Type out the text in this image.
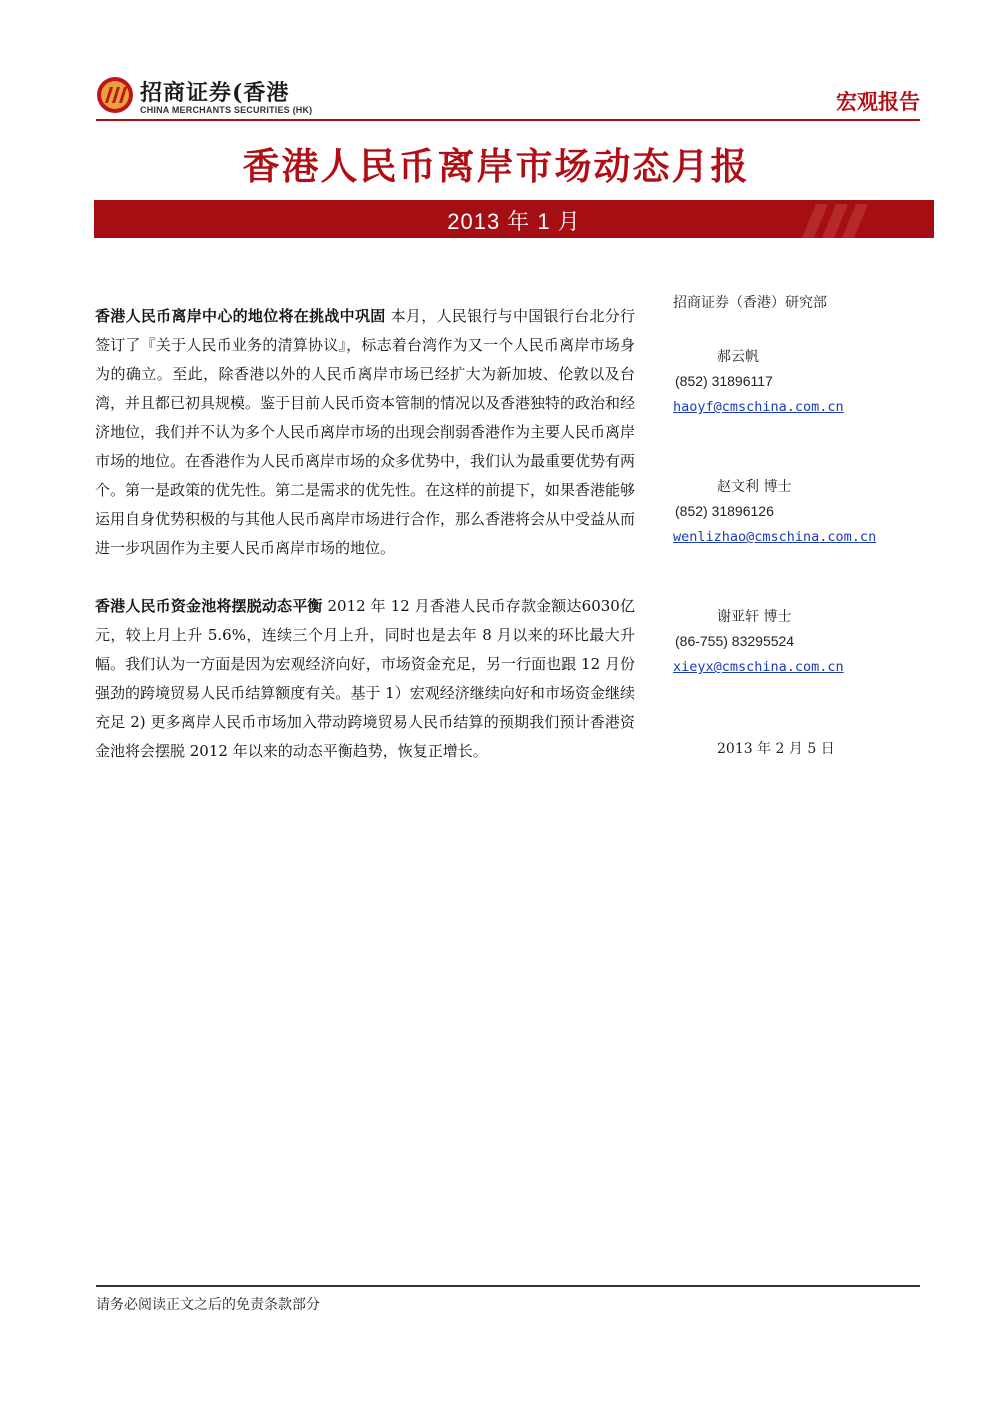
招商证券(香港
CHINA MERCHANTS SECURITIES (HK)	宏观报告
香港人民币离岸市场动态月报
2013 年 1 月

香港人民币离岸中心的地位将在挑战中巩固 本月，人民银行与中国银行台北分行签订了『关于人民币业务的清算协议』，标志着台湾作为又一个人民币离岸市场身为的确立。至此，除香港以外的人民币离岸市场已经扩大为新加坡、伦敦以及台湾，并且都已初具规模。鉴于目前人民币资本管制的情况以及香港独特的政治和经济地位，我们并不认为多个人民币离岸市场的出现会削弱香港作为主要人民币离岸市场的地位。在香港作为人民币离岸市场的众多优势中，我们认为最重要优势有两个。第一是政策的优先性。第二是需求的优先性。在这样的前提下，如果香港能够运用自身优势积极的与其他人民币离岸市场进行合作，那么香港将会从中受益从而进一步巩固作为主要人民币离岸市场的地位。

香港人民币资金池将摆脱动态平衡 2012 年 12 月香港人民币存款金额达6030亿元，较上月上升 5.6%，连续三个月上升，同时也是去年 8 月以来的环比最大升幅。我们认为一方面是因为宏观经济向好，市场资金充足，另一行面也跟 12 月份强劲的跨境贸易人民币结算额度有关。基于 1）宏观经济继续向好和市场资金继续充足 2) 更多离岸人民币市场加入带动跨境贸易人民币结算的预期我们预计香港资金池将会摆脱 2012 年以来的动态平衡趋势，恢复正增长。

招商证券（香港）研究部
郝云帆
(852) 31896117
haoyf@cmschina.com.cn
赵文利 博士
(852) 31896126
wenlizhao@cmschina.com.cn
谢亚轩 博士
(86-755) 83295524
xieyx@cmschina.com.cn
2013 年 2 月 5 日
请务必阅读正文之后的免责条款部分
